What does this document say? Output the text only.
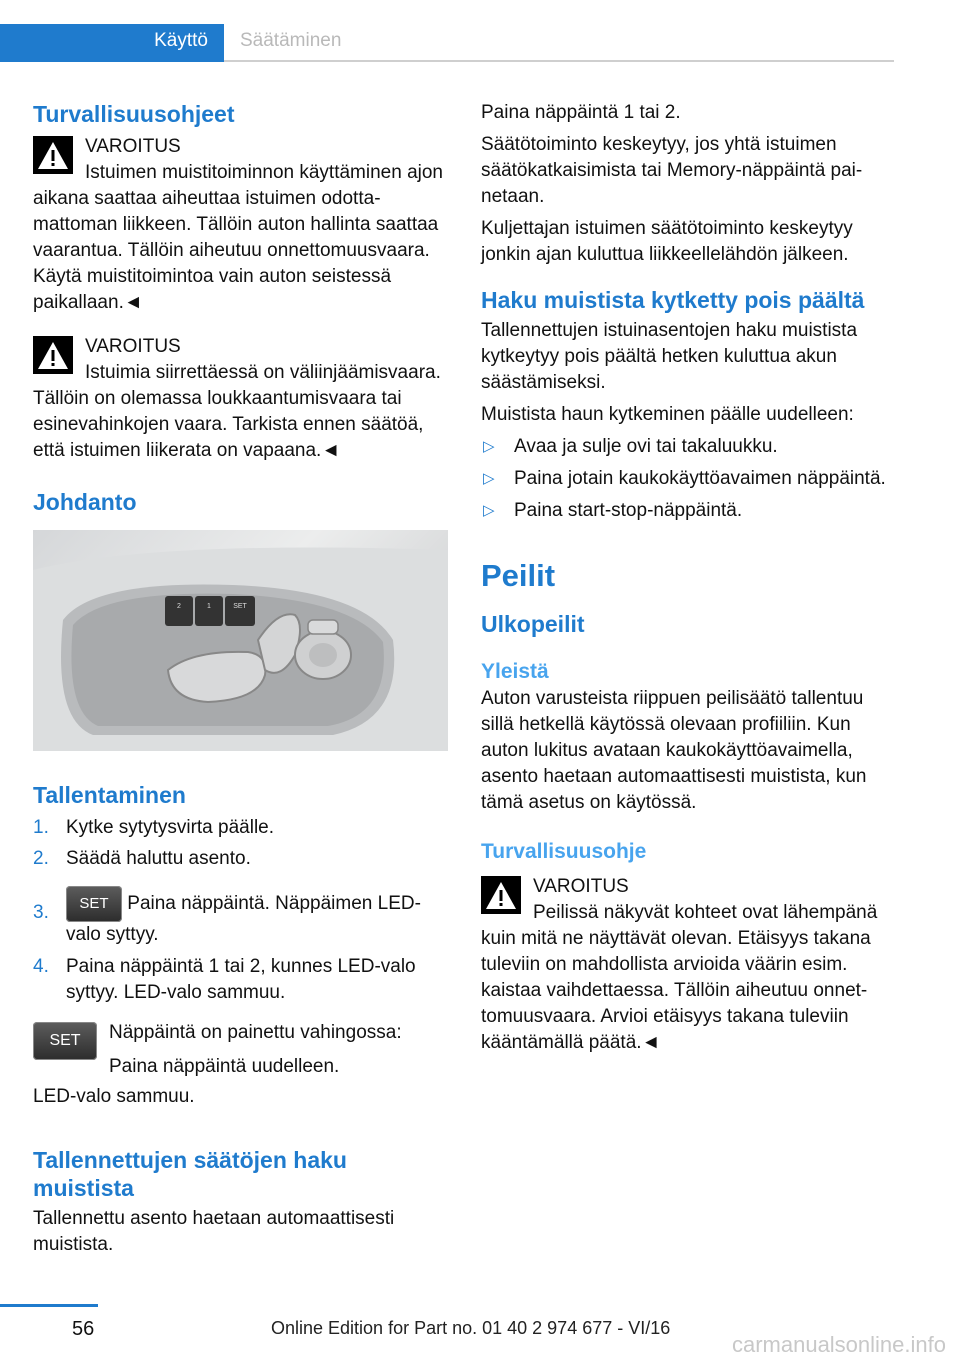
Käyttö Säätäminen
Turvallisuusohjeet

VAROITUS

Istuimen muistitoiminnon käyttäminen ajon aikana saattaa aiheuttaa istuimen odottamattoman liikkeen. Tällöin auton hallinta saattaa vaarantua. Tällöin aiheutuu onnettomuusvaara. Käytä muistitoimintoa vain auton seistessä paikallaan.◄

VAROITUS

Istuimia siirrettäessä on väliinjäämisvaara. Tällöin on olemassa loukkaantumisvaara tai esinevahinkojen vaara. Tarkista ennen säätöä, että istuimen liikerata on vapaana.◄

Johdanto
2	1	SET
Tallentaminen
1. Kytke sytytysvirta päälle.
2. Säädä haluttu asento.
3. SET Paina näppäintä. Näppäimen LED-valo syttyy.
4. Paina näppäintä 1 tai 2, kunnes LED-valo syttyy. LED-valo sammuu.
SET	Näppäintä on painettu vahingossa:

Paina näppäintä uudelleen.

LED-valo sammuu.

Tallennettujen säätöjen haku muistista

Tallennettu asento haetaan automaattisesti muistista.

Paina näppäintä 1 tai 2.

Säätötoiminto keskeytyy, jos yhtä istuimen säätökatkaisimista tai Memory-näppäintä painetaan.

Kuljettajan istuimen säätötoiminto keskeytyy jonkin ajan kuluttua liikkeellelähdön jälkeen.

Haku muistista kytketty pois päältä

Tallennettujen istuinasentojen haku muistista kytkeytyy pois päältä hetken kuluttua akun säästämiseksi.

Muistista haun kytkeminen päälle uudelleen:

▷ Avaa ja sulje ovi tai takaluukku.
▷ Paina jotain kaukokäyttöavaimen näppäintä.
▷ Paina start-stop-näppäintä.
Peilit
Ulkopeilit
Yleistä

Auton varusteista riippuen peilisäätö tallentuu sillä hetkellä käytössä olevaan profiiliin. Kun auton lukitus avataan kaukokäyttöavaimella, asento haetaan automaattisesti muistista, kun tämä asetus on käytössä.

Turvallisuusohje

VAROITUS

Peilissä näkyvät kohteet ovat lähempänä kuin mitä ne näyttävät olevan. Etäisyys takana tuleviin on mahdollista arvioida väärin esim. kaistaa vaihdettaessa. Tällöin aiheutuu onnettomuusvaara. Arvioi etäisyys takana tuleviin kääntämällä päätä.◄

56	Online Edition for Part no. 01 40 2 974 677 - VI/16
carmanualsonline.info
